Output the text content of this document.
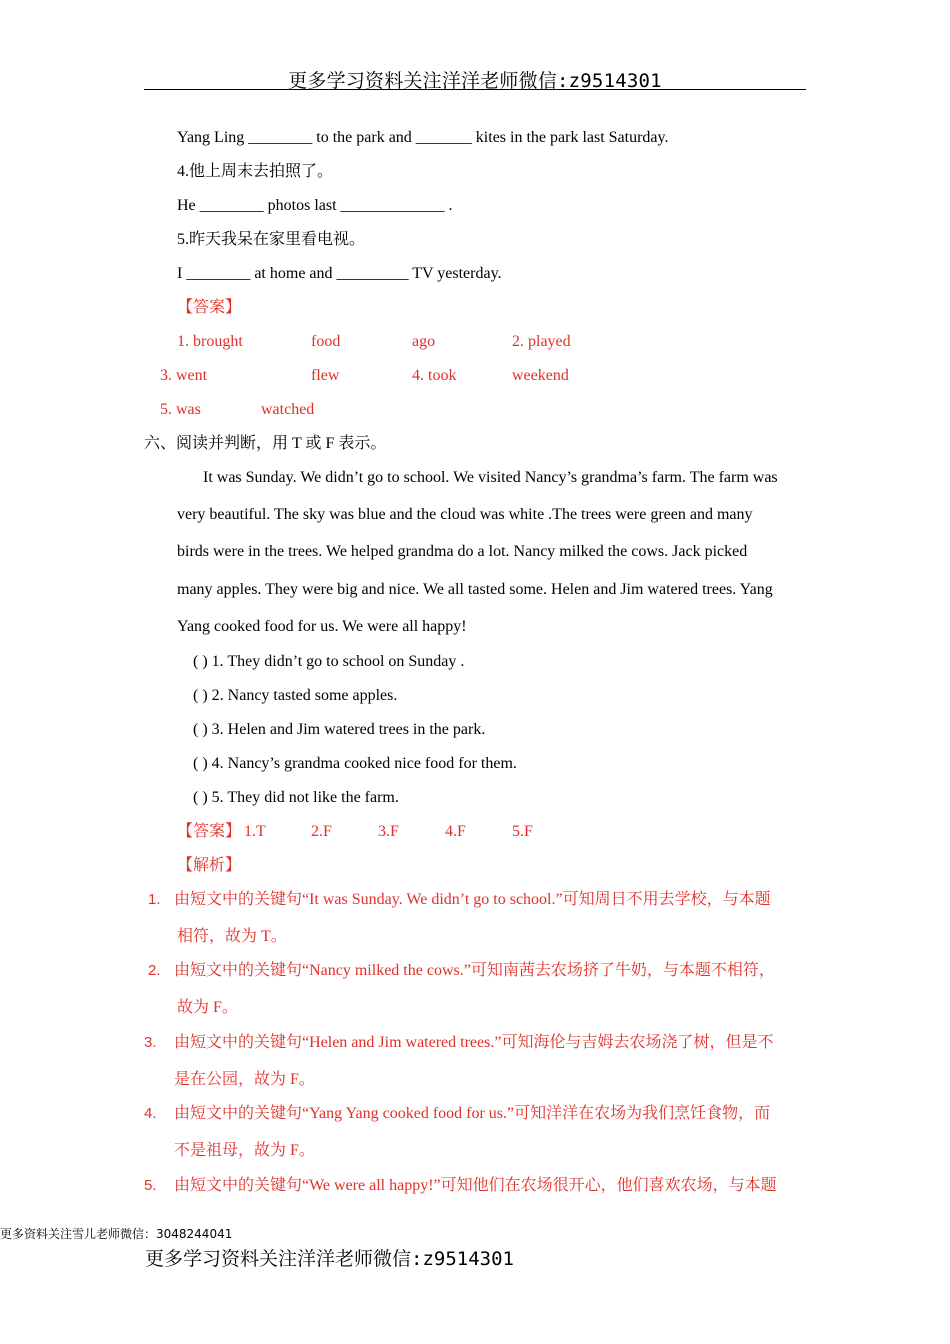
更多学习资料关注洋洋老师微信:z9514301
Yang Ling ________ to the park and _______ kites in the park last Saturday.
4.他上周末去拍照了。
He ________ photos last _____________ .
5.昨天我呆在家里看电视。
I ________ at home and _________ TV yesterday.
【答案】
1. brought	food	ago	2. played
3. went	flew	4. took	weekend
5. was	watched
六、阅读并判断，用 T 或 F 表示。
It was Sunday. We didn’t go to school. We visited Nancy’s grandma’s farm. The farm was
very beautiful. The sky was blue and the cloud was white .The trees were green and many
birds were in the trees. We helped grandma do a lot. Nancy milked the cows. Jack picked
many apples. They were big and nice. We all tasted some. Helen and Jim watered trees. Yang
Yang cooked food for us. We were all happy!
( ) 1. They didn’t go to school on Sunday .
( ) 2. Nancy tasted some apples.
( ) 3. Helen and Jim watered trees in the park.
( ) 4. Nancy’s grandma cooked nice food for them.
( ) 5. They did not like the farm.
【答案】 1.T	2.F	3.F	4.F	5.F
【解析】
1. 由短文中的关键句“It was Sunday. We didn’t go to school.”可知周日不用去学校，与本题
相符，故为 T。
2. 由短文中的关键句“Nancy milked the cows.”可知南茜去农场挤了牛奶，与本题不相符，
故为 F。
3. 由短文中的关键句“Helen and Jim watered trees.”可知海伦与吉姆去农场浇了树，但是不
是在公园，故为 F。
4. 由短文中的关键句“Yang Yang cooked food for us.”可知洋洋在农场为我们烹饪食物，而
不是祖母，故为 F。
5. 由短文中的关键句“We were all happy!”可知他们在农场很开心，他们喜欢农场，与本题
更多资料关注雪儿老师微信：3048244041
更多学习资料关注洋洋老师微信:z9514301
